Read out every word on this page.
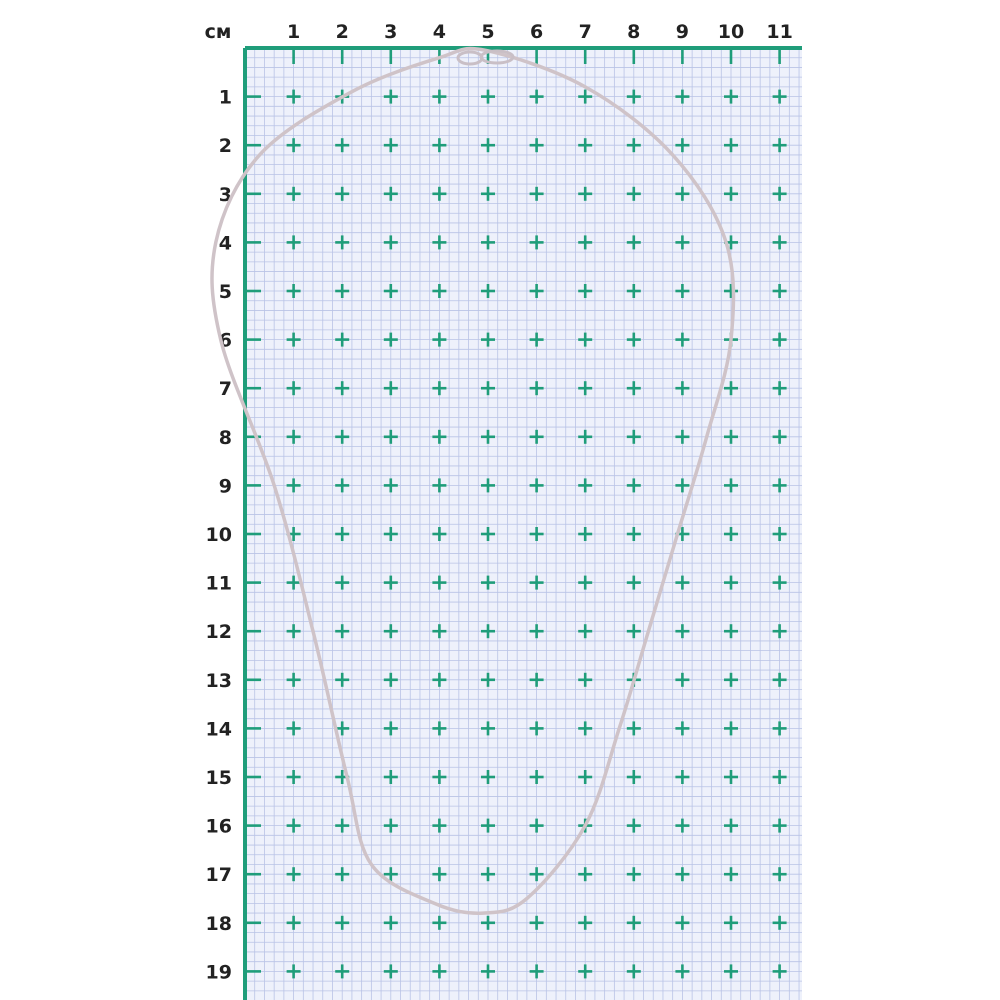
см	1 2 3 4 5 6 7 8 9 10 11
1
2
3
4
5
6
7
8
9
10
11
12
13
14
15
16
17
18
19
